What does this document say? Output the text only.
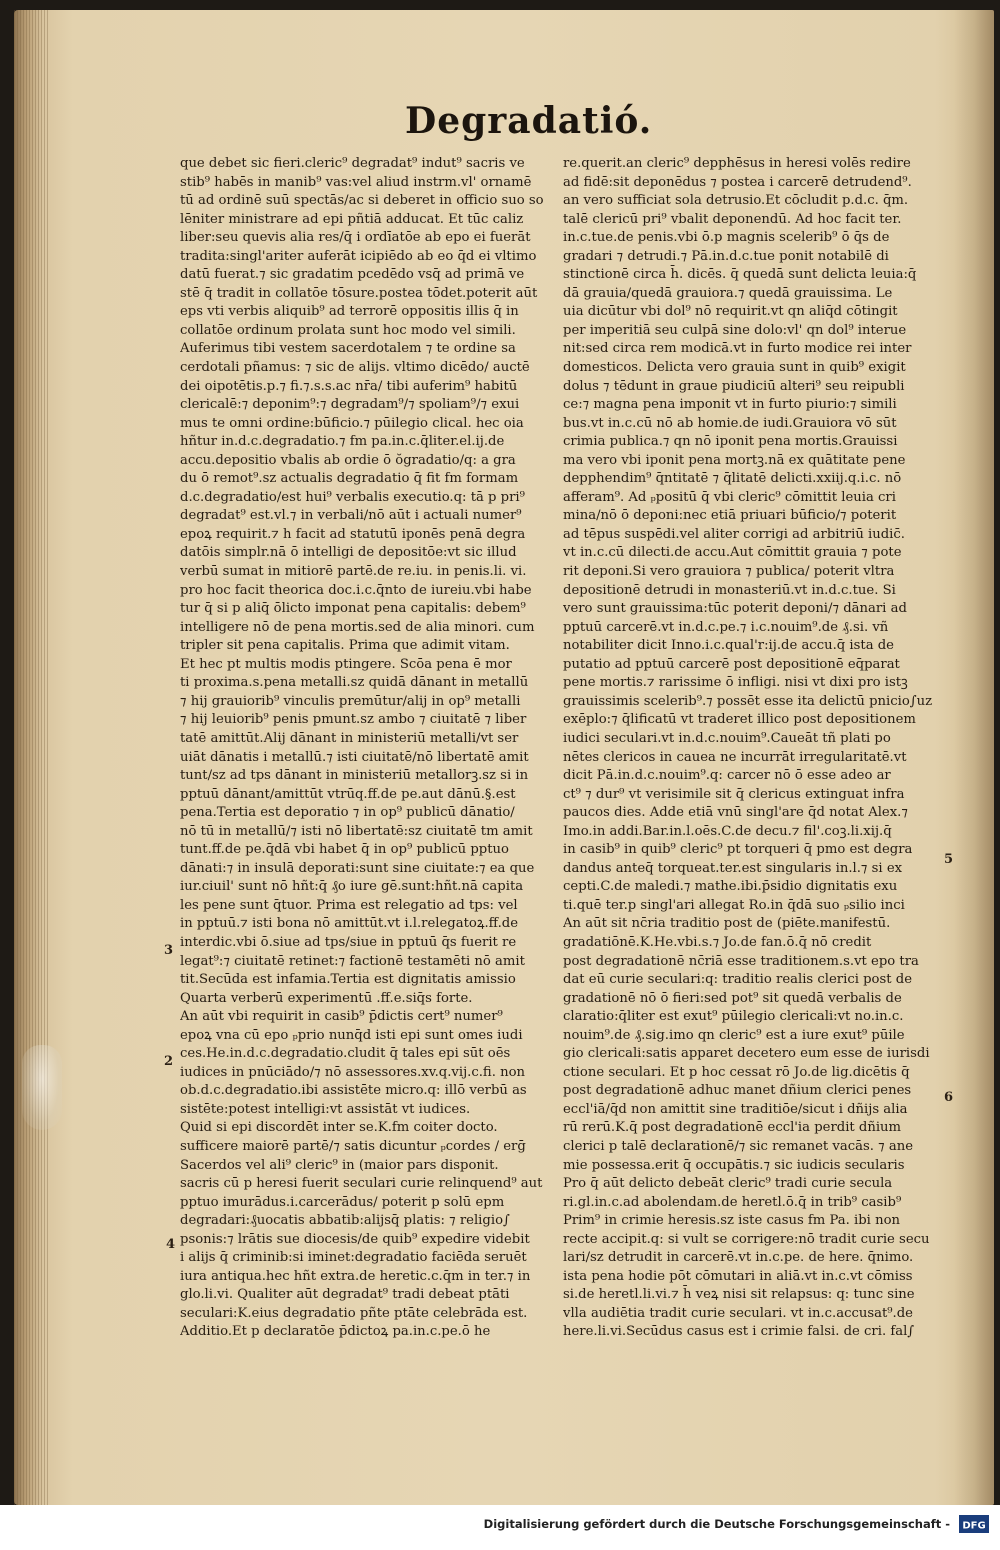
Degradatió.
que debet sic fieri.cleric⁹ degradat⁹ indut⁹ sacris ve
stib⁹ habēs in manib⁹ vas:vel aliud instrm.vl' ornamē
tū ad ordinē suū spectās/ac si deberet in officio suo so
lēniter ministrare ad epi pñtiā adducat. Et tūc caliz
liber:seu quevis alia res/q̄ i ordīatōe ab epo ei fuerāt
tradita:singl'ariter auferāt icipiēdo ab eo q̄d ei vltimo
datū fuerat.⁊ sic gradatim pcedēdo vsq̄ ad primā ve
stē q̄ tradit in collatōe tōsure.postea tōdet.poterit aūt
eps vti verbis aliquib⁹ ad terrorē oppositis illis q̄ in
collatōe ordinum prolata sunt hoc modo vel simili.
Auferimus tibi vestem sacerdotalem ⁊ te ordine sa
cerdotali pñamus: ⁊ sic de alijs. vltimo dicēdo/ auctē
dei oipotētis.p.⁊ fi.⁊.s.s.ac nr̄a/ tibi auferim⁹ habitū
clericalē:⁊ deponim⁹:⁊ degradam⁹/⁊ spoliam⁹/⁊ exui
mus te omni ordine:būficio.⁊ pūilegio clical. hec oia
hñtur in.d.c.degradatio.⁊ fm pa.in.c.q̄liter.el.ij.de
accu.depositio vbalis ab ordie ō ŏgradatio/q: a gra
du ō remot⁹.sz actualis degradatio q̄ fit fm formam
d.c.degradatio/est hui⁹ verbalis executio.q: tā p pri⁹
degradat⁹ est.vl.⁊ in verbali/nō aūt i actuali numer⁹
epoꝝ requirit.⁊ h facit ad statutū iponēs penā degra
datōis simplr.nā ō intelligi de depositōe:vt sic illud
verbū sumat in mitiorē partē.de re.iu. in penis.li. vi.
pro hoc facit theorica doc.i.c.q̄nto de iureiu.vbi habe
tur q̄ si p aliq̄ ōlicto imponat pena capitalis: debem⁹
intelligere nō de pena mortis.sed de alia minori. cum
tripler sit pena capitalis. Prima que adimit vitam.
Et hec pt multis modis ptingere. Scōa pena ē mor
ti proxima.s.pena metalli.sz quidā dānant in metallū
⁊ hij grauiorib⁹ vinculis premūtur/alij in op⁹ metalli
⁊ hij leuiorib⁹ penis pmunt.sz ambo ⁊ ciuitatē ⁊ liber
tatē amittūt.Alij dānant in ministeriū metalli/vt ser
uiāt dānatis i metallū.⁊ isti ciuitatē/nō libertatē amit
tunt/sz ad tps dānant in ministeriū metallorꝫ.sz si in
pptuū dānant/amittūt vtrūq.ff.de pe.aut dānū.§.est
pena.Tertia est deporatio ⁊ in op⁹ publicū dānatio/
nō tū in metallū/⁊ isti nō libertatē:sz ciuitatē tm amit
tunt.ff.de pe.q̄dā vbi habet q̄ in op⁹ publicū pptuo
dānati:⁊ in insulā deporati:sunt sine ciuitate:⁊ ea que
iur.ciuil' sunt nō hñt:q̄ ₰o iure gē.sunt:hñt.nā capita
les pene sunt q̄tuor. Prima est relegatio ad tps: vel
in pptuū.⁊ isti bona nō amittūt.vt i.l.relegatoꝝ.ff.de
interdic.vbi ō.siue ad tps/siue in pptuū q̄s fuerit re
legat⁹:⁊ ciuitatē retinet:⁊ factionē testamēti nō amit
tit.Secūda est infamia.Tertia est dignitatis amissio
Quarta verberū experimentū .ff.e.siq̄s forte.
An aūt vbi requirit in casib⁹ p̄dictis cert⁹ numer⁹
epoꝝ vna cū epo ₚprio nunq̄d isti epi sunt omes iudi
ces.He.in.d.c.degradatio.cludit q̄ tales epi sūt oēs
iudices in pnūciādo/⁊ nō assessores.xv.q.vij.c.fi. non
ob.d.c.degradatio.ibi assistēte micro.q: illō verbū as
sistēte:potest intelligi:vt assistāt vt iudices.
Quid si epi discordēt inter se.K.fm coiter docto.
sufficere maiorē partē/⁊ satis dicuntur ₚcordes / erḡ
Sacerdos vel ali⁹ cleric⁹ in (maior pars disponit.
sacris cū p heresi fuerit seculari curie relinquend⁹ aut
pptuo imurādus.i.carcerādus/ poterit p solū epm
degradari:₰uocatis abbatib:alijsq̄ platis: ⁊ religio∫
psonis:⁊ lrātis sue diocesis/de quib⁹ expedire videbit
i alijs q̄ criminib:si iminet:degradatio faciēda seruēt
iura antiqua.hec hñt extra.de heretic.c.q̄m in ter.⁊ in
glo.li.vi. Qualiter aūt degradat⁹ tradi debeat ptāti
seculari:K.eius degradatio pñte ptāte celebrāda est.
Additio.Et p declaratōe p̄dictoꝝ pa.in.c.pe.ō he
re.querit.an cleric⁹ depphēsus in heresi volēs redire
ad fidē:sit deponēdus ⁊ postea i carcerē detrudend⁹.
an vero sufficiat sola detrusio.Et cōcludit p.d.c. q̄m.
talē clericū pri⁹ vbalit deponendū. Ad hoc facit ter.
in.c.tue.de penis.vbi ō.p magnis scelerib⁹ ō q̄s de
gradari ⁊ detrudi.⁊ Pā.in.d.c.tue ponit notabilē di
stinctionē circa h̄. dicēs. q̄ quedā sunt delicta leuia:q̄
dā grauia/quedā grauiora.⁊ quedā grauissima. Le
uia dicūtur vbi dol⁹ nō requirit.vt qn aliq̄d cōtingit
per imperitiā seu culpā sine dolo:vl' qn dol⁹ interue
nit:sed circa rem modicā.vt in furto modice rei inter
domesticos. Delicta vero grauia sunt in quib⁹ exigit
dolus ⁊ tēdunt in graue piudiciū alteri⁹ seu reipubli
ce:⁊ magna pena imponit vt in furto piurio:⁊ simili
bus.vt in.c.cū nō ab homie.de iudi.Grauiora vō sūt
crimia publica.⁊ qn nō iponit pena mortis.Grauissi
ma vero vbi iponit pena mortꝫ.nā ex quātitate pene
depphendim⁹ q̄ntitatē ⁊ q̄litatē delicti.xxiij.q.i.c. nō
afferam⁹. Ad ₚpositū q̄ vbi cleric⁹ cōmittit leuia cri
mina/nō ō deponi:nec etiā priuari būficio/⁊ poterit
ad tēpus suspēdi.vel aliter corrigi ad arbitriū iudic̄.
vt in.c.cū dilecti.de accu.Aut cōmittit grauia ⁊ pote
rit deponi.Si vero grauiora ⁊ publica/ poterit vltra
depositionē detrudi in monasteriū.vt in.d.c.tue. Si
vero sunt grauissima:tūc poterit deponi/⁊ dānari ad
pptuū carcerē.vt in.d.c.pe.⁊ i.c.nouim⁹.de ₰.si. vñ
notabiliter dicit Inno.i.c.qual'r:ij.de accu.q̄ ista de
putatio ad pptuū carcerē post depositionē eq̄parat
pene mortis.⁊ rarissime ō infligi. nisi vt dixi pro istꝫ
grauissimis scelerib⁹.⁊ possēt esse ita delictū pnicio∫uz
exēplo:⁊ q̄lificatū vt traderet illico post depositionem
iudici seculari.vt in.d.c.nouim⁹.Caueāt tñ plati po
nētes clericos in cauea ne incurrāt irregularitatē.vt
dicit Pā.in.d.c.nouim⁹.q: carcer nō ō esse adeo ar
ct⁹ ⁊ dur⁹ vt verisimile sit q̄ clericus extinguat infra
paucos dies. Adde etiā vnū singl'are q̄d notat Alex.⁊
Imo.in addi.Bar.in.l.oēs.C.de decu.⁊ fil'.coꝫ.li.xij.q̄
in casib⁹ in quib⁹ cleric⁹ pt torqueri q̄ pmo est degra
dandus anteq̄ torqueat.ter.est singularis in.l.⁊ si ex
cepti.C.de maledi.⁊ mathe.ibi.p̄sidio dignitatis exu
ti.quē ter.p singl'ari allegat Ro.in q̄dā suo ₚsilio inci
An aūt sit nc̄ria traditio post de (piēte.manifestū.
gradatiōnē.K.He.vbi.s.⁊ Jo.de fan.ō.q̄ nō credit
post degradationē nc̄riā esse traditionem.s.vt epo tra
dat eū curie seculari:q: traditio realis clerici post de
gradationē nō ō fieri:sed pot⁹ sit quedā verbalis de
claratio:q̄liter est exut⁹ pūilegio clericali:vt no.in.c.
nouim⁹.de ₰.sig.imo qn cleric⁹ est a iure exut⁹ pūile
gio clericali:satis apparet decetero eum esse de iurisdi
ctione seculari. Et p hoc cessat rō Jo.de lig.dicētis q̄
post degradationē adhuc manet dñium clerici penes
eccl'iā/q̄d non amittit sine traditiōe/sicut i dñijs alia
rū rerū.K.q̄ post degradationē eccl'ia perdit dñium
clerici p talē declarationē/⁊ sic remanet vacās. ⁊ ane
mie possessa.erit q̄ occupātis.⁊ sic iudicis secularis
Pro q̄ aūt delicto debeāt cleric⁹ tradi curie secula
ri.gl.in.c.ad abolendam.de heretl.ō.q̄ in trib⁹ casib⁹
Prim⁹ in crimie heresis.sz iste casus fm Pa. ibi non
recte accipit.q: si vult se corrigere:nō tradit curie secu
lari/sz detrudit in carcerē.vt in.c.pe. de here. q̄nimo.
ista pena hodie pōt cōmutari in aliā.vt in.c.vt cōmiss
si.de heretl.li.vi.⁊ h̄ veꝝ nisi sit relapsus: q: tunc sine
vlla audiētia tradit curie seculari. vt in.c.accusat⁹.de
here.li.vi.Secūdus casus est i crimie falsi. de cri. fal∫
3
2
4
5
6
Digitalisierung gefördert durch die Deutsche Forschungsgemeinschaft - DFG
